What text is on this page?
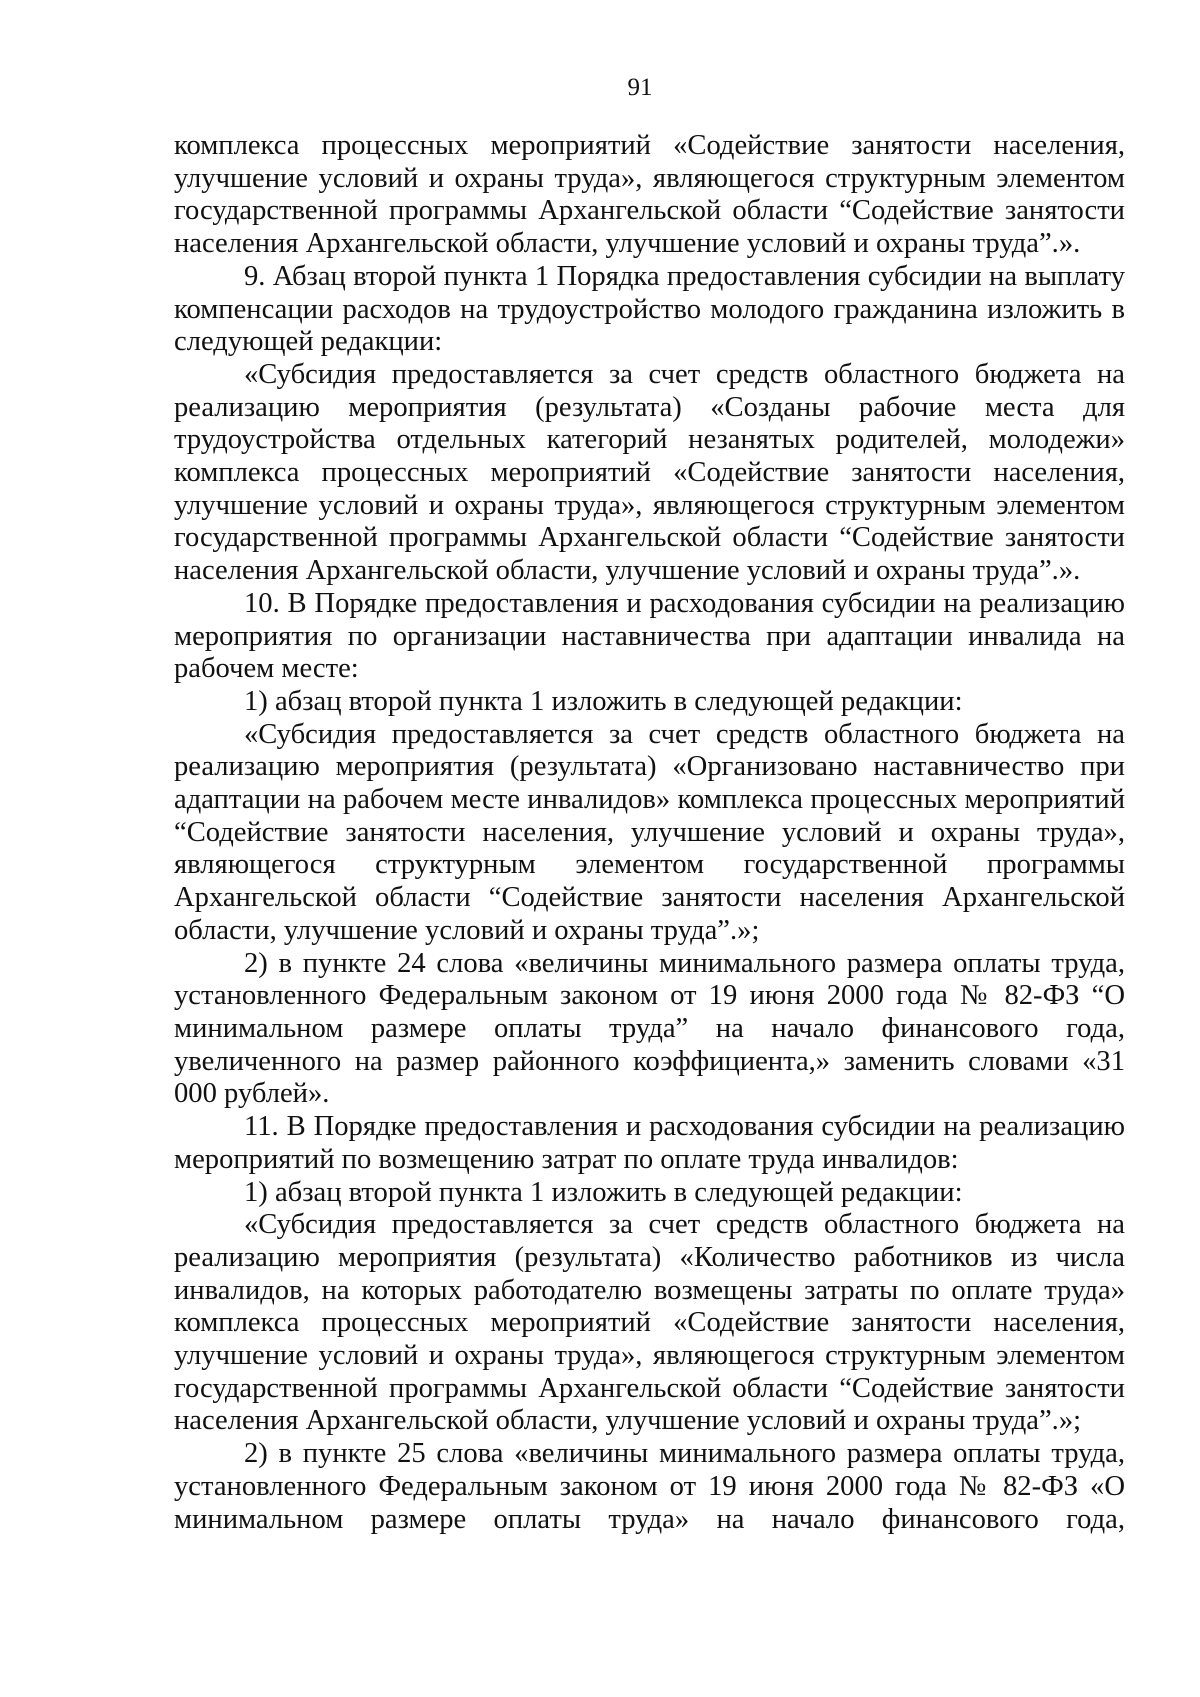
91

комплекса процессных мероприятий «Содействие занятости населения, улучшение условий и охраны труда», являющегося структурным элементом государственной программы Архангельской области “Содействие занятости населения Архангельской области, улучшение условий и охраны труда”.».

9. Абзац второй пункта 1 Порядка предоставления субсидии на выплату компенсации расходов на трудоустройство молодого гражданина изложить в следующей редакции:

«Субсидия предоставляется за счет средств областного бюджета на реализацию мероприятия (результата) «Созданы рабочие места для трудоустройства отдельных категорий незанятых родителей, молодежи» комплекса процессных мероприятий «Содействие занятости населения, улучшение условий и охраны труда», являющегося структурным элементом государственной программы Архангельской области “Содействие занятости населения Архангельской области, улучшение условий и охраны труда”.».

10. В Порядке предоставления и расходования субсидии на реализацию мероприятия по организации наставничества при адаптации инвалида на рабочем месте:

1) абзац второй пункта 1 изложить в следующей редакции:

«Субсидия предоставляется за счет средств областного бюджета на реализацию мероприятия (результата) «Организовано наставничество при адаптации на рабочем месте инвалидов» комплекса процессных мероприятий “Содействие занятости населения, улучшение условий и охраны труда», являющегося структурным элементом государственной программы Архангельской области “Содействие занятости населения Архангельской области, улучшение условий и охраны труда”.»;

2) в пункте 24 слова «величины минимального размера оплаты труда, установленного Федеральным законом от 19 июня 2000 года № 82-ФЗ “О минимальном размере оплаты труда” на начало финансового года, увеличенного на размер районного коэффициента,» заменить словами «31 000 рублей».

11. В Порядке предоставления и расходования субсидии на реализацию мероприятий по возмещению затрат по оплате труда инвалидов:

1) абзац второй пункта 1 изложить в следующей редакции:

«Субсидия предоставляется за счет средств областного бюджета на реализацию мероприятия (результата) «Количество работников из числа инвалидов, на которых работодателю возмещены затраты по оплате труда» комплекса процессных мероприятий «Содействие занятости населения, улучшение условий и охраны труда», являющегося структурным элементом государственной программы Архангельской области “Содействие занятости населения Архангельской области, улучшение условий и охраны труда”.»;

2) в пункте 25 слова «величины минимального размера оплаты труда, установленного Федеральным законом от 19 июня 2000 года № 82-ФЗ «О минимальном размере оплаты труда» на начало финансового года,
